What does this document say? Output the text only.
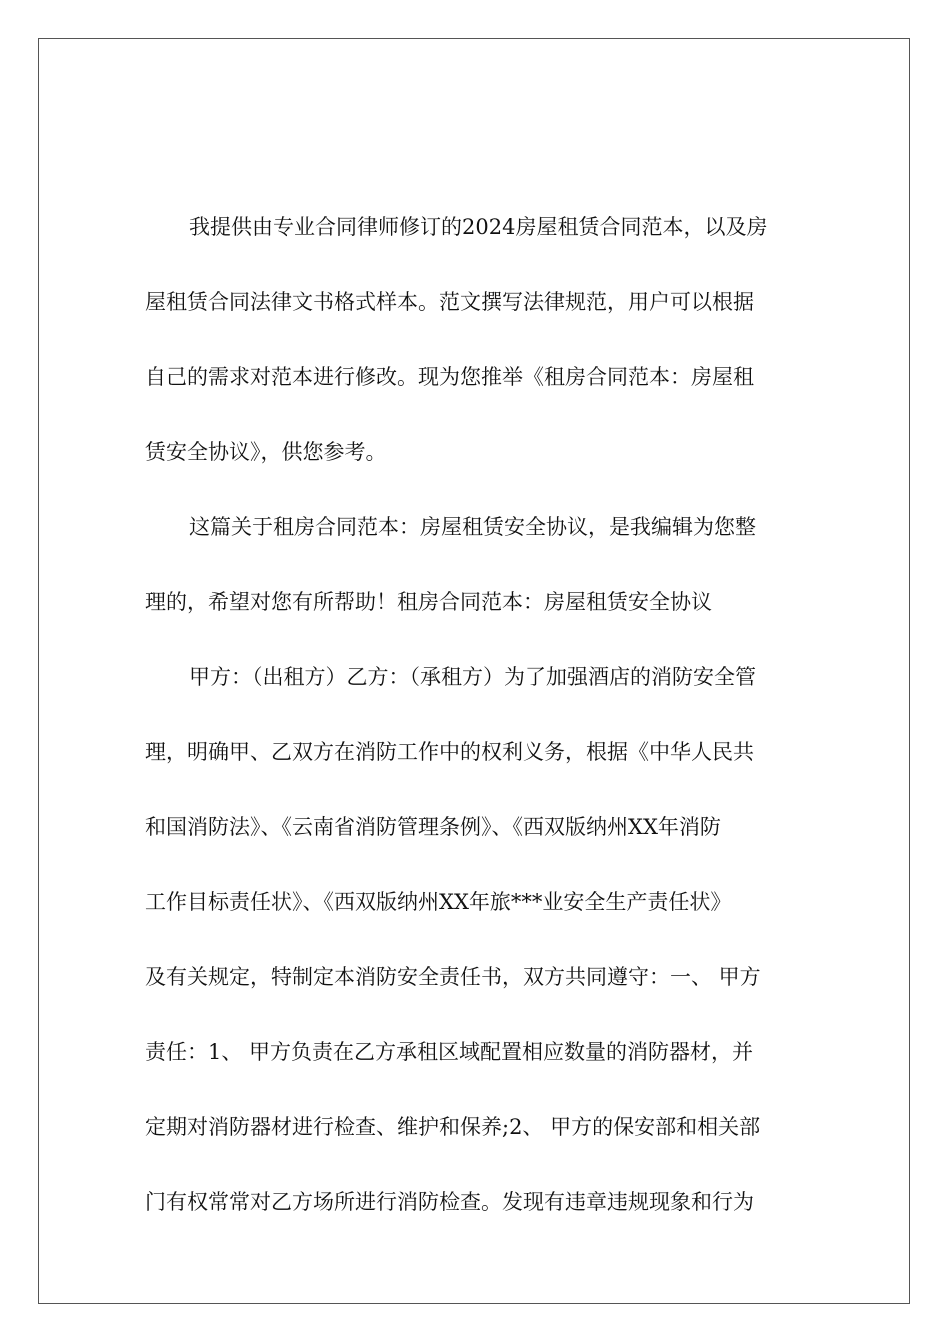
我提供由专业合同律师修订的2024房屋租赁合同范本，以及房
屋租赁合同法律文书格式样本。范文撰写法律规范，用户可以根据
自己的需求对范本进行修改。现为您推举《租房合同范本：房屋租
赁安全协议》，供您参考。
这篇关于租房合同范本：房屋租赁安全协议，是我编辑为您整
理的，希望对您有所帮助！租房合同范本：房屋租赁安全协议
甲方：（出租方）乙方：（承租方）为了加强酒店的消防安全管
理，明确甲、乙双方在消防工作中的权利义务，根据《中华人民共
和国消防法》、《云南省消防管理条例》、《西双版纳州XX年消防
工作目标责任状》、《西双版纳州XX年旅***业安全生产责任状》
及有关规定，特制定本消防安全责任书，双方共同遵守：一、 甲方
责任：1、 甲方负责在乙方承租区域配置相应数量的消防器材，并
定期对消防器材进行检查、维护和保养;2、 甲方的保安部和相关部
门有权常常对乙方场所进行消防检查。发现有违章违规现象和行为
